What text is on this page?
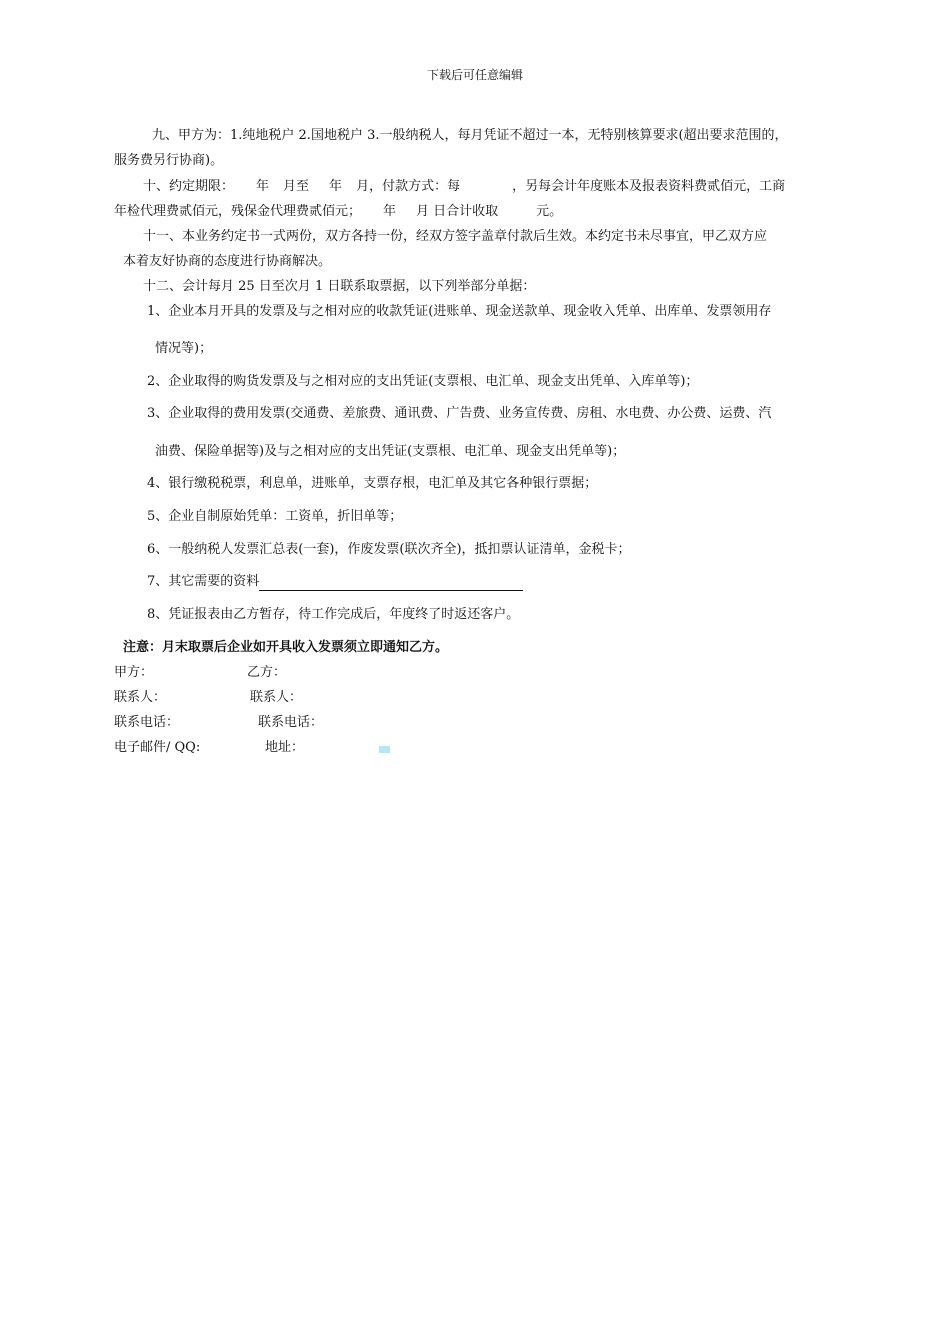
下载后可任意编辑
九、甲方为：1.纯地税户 2.国地税户 3.一般纳税人，每月凭证不超过一本，无特别核算要求(超出要求范围的，
服务费另行协商)。
十、约定期限： 年 月至 年 月，付款方式：每	，另每会计年度账本及报表资料费贰佰元，工商
年检代理费贰佰元，残保金代理费贰佰元； 年 月 日合计收取	元。
十一、本业务约定书一式两份，双方各持一份，经双方签字盖章付款后生效。本约定书未尽事宜，甲乙双方应
本着友好协商的态度进行协商解决。
十二、会计每月 25 日至次月 1 日联系取票据，以下列举部分单据：
1、企业本月开具的发票及与之相对应的收款凭证(进账单、现金送款单、现金收入凭单、出库单、发票领用存
情况等)；
2、企业取得的购货发票及与之相对应的支出凭证(支票根、电汇单、现金支出凭单、入库单等)；
3、企业取得的费用发票(交通费、差旅费、通讯费、广告费、业务宣传费、房租、水电费、办公费、运费、汽
油费、保险单据等)及与之相对应的支出凭证(支票根、电汇单、现金支出凭单等)；
4、银行缴税税票，利息单，进账单，支票存根，电汇单及其它各种银行票据；
5、企业自制原始凭单：工资单，折旧单等；
6、一般纳税人发票汇总表(一套)，作废发票(联次齐全)，抵扣票认证清单，金税卡；
7、其它需要的资料
8、凭证报表由乙方暂存，待工作完成后，年度终了时返还客户。
注意：月末取票后企业如开具收入发票须立即通知乙方。
甲方：	乙方：
联系人：	联系人：
联系电话：	联系电话：
电子邮件/ QQ:	地址：
